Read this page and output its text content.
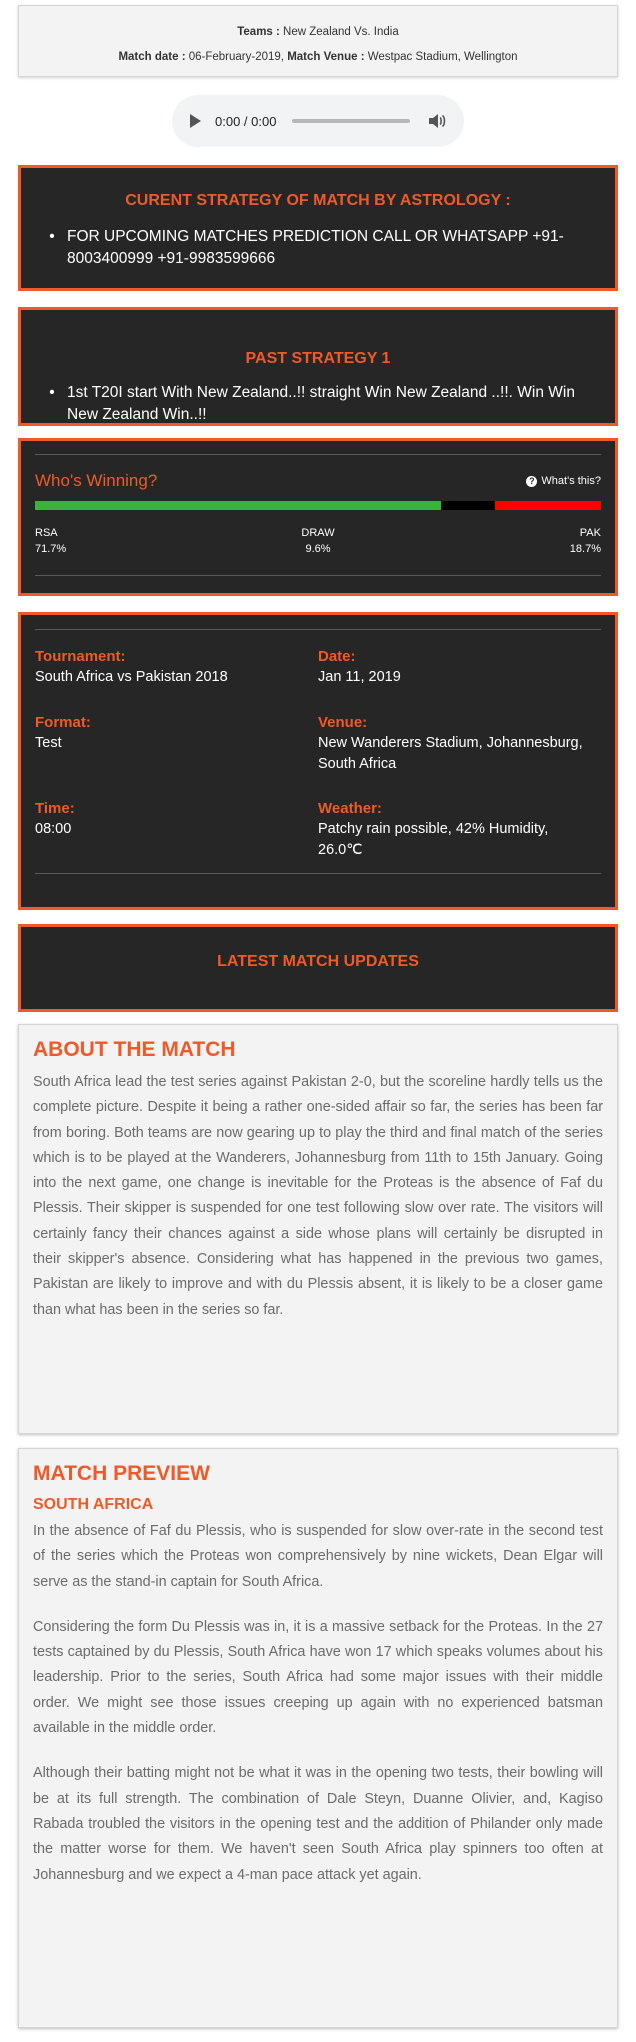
Teams : New Zealand Vs. India
Match date : 06-February-2019, Match Venue : Westpac Stadium, Wellington
0:00 / 0:00
CURENT STRATEGY OF MATCH BY ASTROLOGY :
• FOR UPCOMING MATCHES PREDICTION CALL OR WHATSAPP +91-8003400999 +91-9983599666
PAST STRATEGY 1
• 1st T20I start With New Zealand..!! straight Win New Zealand ..!!. Win Win New Zealand Win..!!
Who's Winning?	? What's this?
RSA
71.7%
DRAW
9.6%
PAK
18.7%
Tournament:
South Africa vs Pakistan 2018
Date:
Jan 11, 2019
Format:
Test
Venue:
New Wanderers Stadium, Johannesburg, South Africa
Time:
08:00
Weather:
Patchy rain possible, 42% Humidity, 26.0℃
LATEST MATCH UPDATES
ABOUT THE MATCH

South Africa lead the test series against Pakistan 2-0, but the scoreline hardly tells us the complete picture. Despite it being a rather one-sided affair so far, the series has been far from boring. Both teams are now gearing up to play the third and final match of the series which is to be played at the Wanderers, Johannesburg from 11th to 15th January. Going into the next game, one change is inevitable for the Proteas is the absence of Faf du Plessis. Their skipper is suspended for one test following slow over rate. The visitors will certainly fancy their chances against a side whose plans will certainly be disrupted in their skipper's absence. Considering what has happened in the previous two games, Pakistan are likely to improve and with du Plessis absent, it is likely to be a closer game than what has been in the series so far.

MATCH PREVIEW
SOUTH AFRICA

In the absence of Faf du Plessis, who is suspended for slow over-rate in the second test of the series which the Proteas won comprehensively by nine wickets, Dean Elgar will serve as the stand-in captain for South Africa.

Considering the form Du Plessis was in, it is a massive setback for the Proteas. In the 27 tests captained by du Plessis, South Africa have won 17 which speaks volumes about his leadership. Prior to the series, South Africa had some major issues with their middle order. We might see those issues creeping up again with no experienced batsman available in the middle order.

Although their batting might not be what it was in the opening two tests, their bowling will be at its full strength. The combination of Dale Steyn, Duanne Olivier, and, Kagiso Rabada troubled the visitors in the opening test and the addition of Philander only made the matter worse for them. We haven't seen South Africa play spinners too often at Johannesburg and we expect a 4-man pace attack yet again.
